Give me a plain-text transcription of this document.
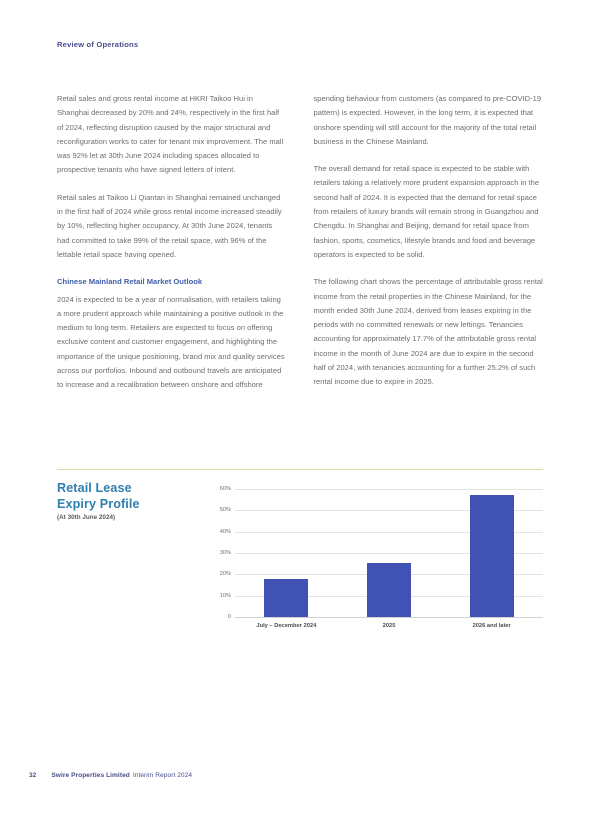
Review of Operations

Retail sales and gross rental income at HKRI Taikoo Hui in Shanghai decreased by 20% and 24%, respectively in the first half of 2024, reflecting disruption caused by the major structural and reconfiguration works to cater for tenant mix improvement. The mall was 92% let at 30th June 2024 including spaces allocated to prospective tenants who have signed letters of intent.

Retail sales at Taikoo Li Qiantan in Shanghai remained unchanged in the first half of 2024 while gross rental income increased steadily by 10%, reflecting higher occupancy. At 30th June 2024, tenants had committed to take 99% of the retail space, with 96% of the lettable retail space having opened.

Chinese Mainland Retail Market Outlook

2024 is expected to be a year of normalisation, with retailers taking a more prudent approach while maintaining a positive outlook in the medium to long term. Retailers are expected to focus on offering exclusive content and customer engagement, and highlighting the importance of the unique positioning, brand mix and quality services across our portfolios. Inbound and outbound travels are anticipated to increase and a recalibration between onshore and offshore

spending behaviour from customers (as compared to pre-COVID-19 pattern) is expected. However, in the long term, it is expected that onshore spending will still account for the majority of the total retail business in the Chinese Mainland.

The overall demand for retail space is expected to be stable with retailers taking a relatively more prudent expansion approach in the second half of 2024. It is expected that the demand for retail space from retailers of luxury brands will remain strong in Guangzhou and Chengdu. In Shanghai and Beijing, demand for retail space from fashion, sports, cosmetics, lifestyle brands and food and beverage operators is expected to be solid.

The following chart shows the percentage of attributable gross rental income from the retail properties in the Chinese Mainland, for the month ended 30th June 2024, derived from leases expiring in the periods with no committed renewals or new lettings. Tenancies accounting for approximately 17.7% of the attributable gross rental income in the month of June 2024 are due to expire in the second half of 2024, with tenancies accounting for a further 25.2% of such rental income due to expire in 2025.

Retail Lease
Expiry Profile
(At 30th June 2024)
60%
50%
40%
30%
20%
10%
0
July – December 2024	2025	2026 and later
32 Swire Properties Limited Interim Report 2024
